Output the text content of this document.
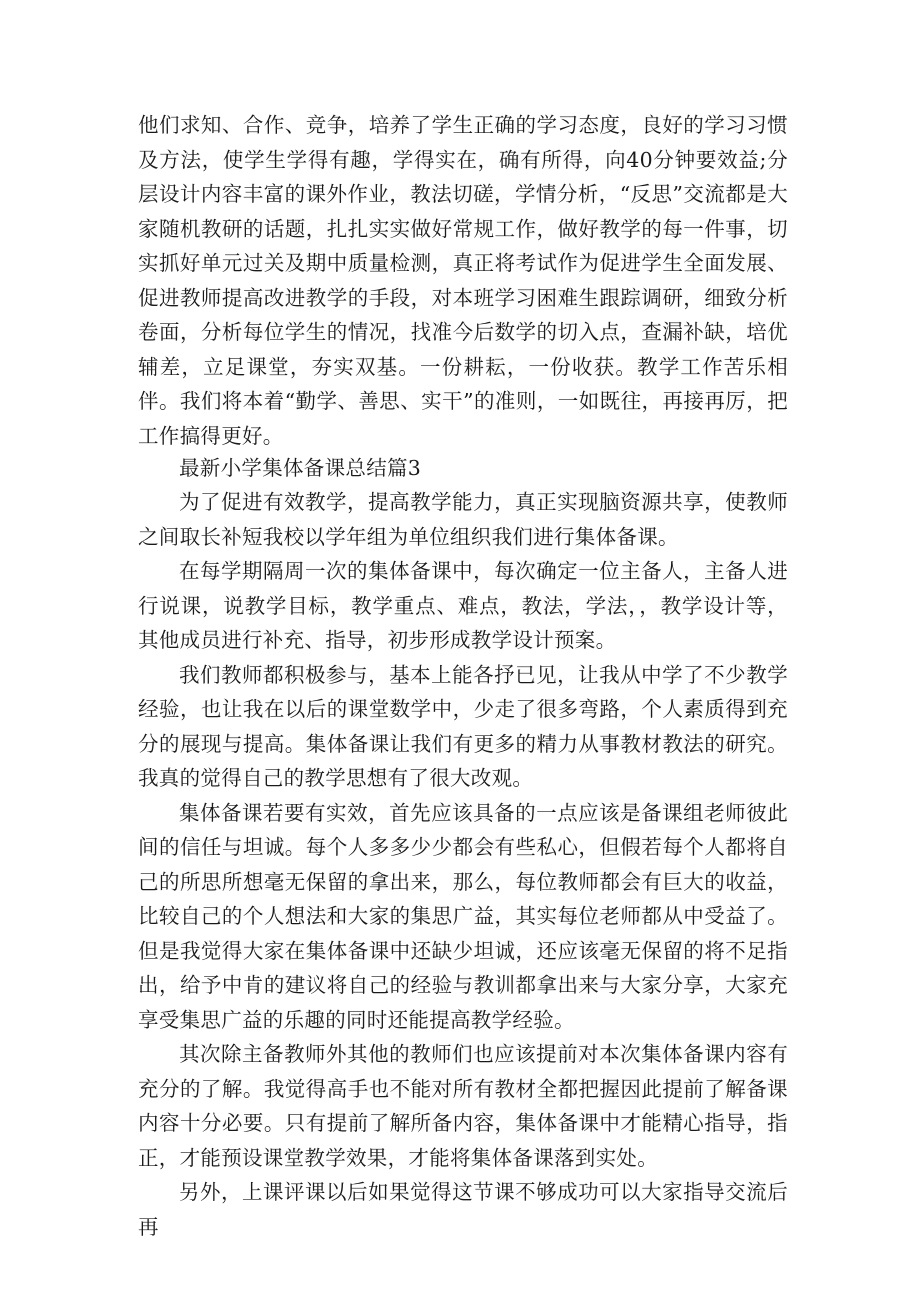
他们求知、合作、竞争，培养了学生正确的学习态度，良好的学习习惯及方法，使学生学得有趣，学得实在，确有所得，向40分钟要效益;分层设计内容丰富的课外作业，教法切磋，学情分析，“反思”交流都是大家随机教研的话题，扎扎实实做好常规工作，做好教学的每一件事，切实抓好单元过关及期中质量检测，真正将考试作为促进学生全面发展、促进教师提高改进教学的手段，对本班学习困难生跟踪调研，细致分析卷面，分析每位学生的情况，找准今后数学的切入点，查漏补缺，培优辅差，立足课堂，夯实双基。一份耕耘，一份收获。教学工作苦乐相伴。我们将本着“勤学、善思、实干”的准则，一如既往，再接再厉，把工作搞得更好。

最新小学集体备课总结篇3

为了促进有效教学，提高教学能力，真正实现脑资源共享，使教师之间取长补短我校以学年组为单位组织我们进行集体备课。

在每学期隔周一次的集体备课中，每次确定一位主备人，主备人进行说课，说教学目标，教学重点、难点，教法，学法，，教学设计等，其他成员进行补充、指导，初步形成教学设计预案。

我们教师都积极参与，基本上能各抒已见，让我从中学了不少教学经验，也让我在以后的课堂数学中，少走了很多弯路，个人素质得到充分的展现与提高。集体备课让我们有更多的精力从事教材教法的研究。我真的觉得自己的教学思想有了很大改观。

集体备课若要有实效，首先应该具备的一点应该是备课组老师彼此间的信任与坦诚。每个人多多少少都会有些私心，但假若每个人都将自己的所思所想毫无保留的拿出来，那么，每位教师都会有巨大的收益，比较自己的个人想法和大家的集思广益，其实每位老师都从中受益了。但是我觉得大家在集体备课中还缺少坦诚，还应该毫无保留的将不足指出，给予中肯的建议将自己的经验与教训都拿出来与大家分享，大家充享受集思广益的乐趣的同时还能提高教学经验。

其次除主备教师外其他的教师们也应该提前对本次集体备课内容有充分的了解。我觉得高手也不能对所有教材全都把握因此提前了解备课内容十分必要。只有提前了解所备内容，集体备课中才能精心指导，指正，才能预设课堂教学效果，才能将集体备课落到实处。

另外，上课评课以后如果觉得这节课不够成功可以大家指导交流后再
